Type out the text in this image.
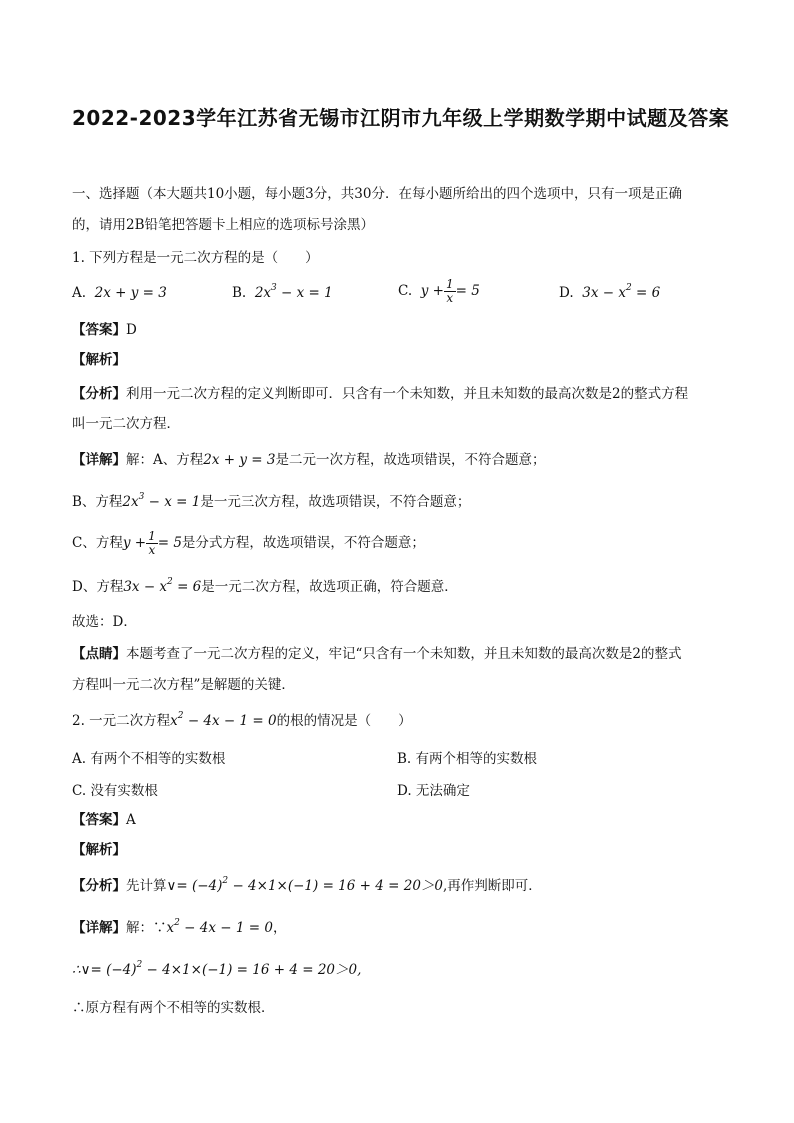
2022-2023学年江苏省无锡市江阴市九年级上学期数学期中试题及答案
一、选择题（本大题共10小题，每小题3分，共30分．在每小题所给出的四个选项中，只有一项是正确
的，请用2B铅笔把答题卡上相应的选项标号涂黑）
1. 下列方程是一元二次方程的是（　　）
A. 2x + y = 3	B. $2x^3 - x = 1$	C. $y + \frac{1}{x} = 5$	D. $3x - x^2 = 6$
【答案】D
【解析】
【分析】利用一元二次方程的定义判断即可．只含有一个未知数，并且未知数的最高次数是2的整式方程
叫一元二次方程．
【详解】解：A、方程2x + y = 3是二元一次方程，故选项错误，不符合题意；
B、方程$2x^3 - x = 1$是一元三次方程，故选项错误，不符合题意；
C、方程$y + \frac{1}{x} = 5$是分式方程，故选项错误，不符合题意；
D、方程$3x - x^2 = 6$是一元二次方程，故选项正确，符合题意．
故选：D．
【点睛】本题考查了一元二次方程的定义，牢记“只含有一个未知数，并且未知数的最高次数是2的整式
方程叫一元二次方程”是解题的关键．
2. 一元二次方程$x^2 - 4x - 1 = 0$的根的情况是（　　）
A. 有两个不相等的实数根	B. 有两个相等的实数根
C. 没有实数根	D. 无法确定
【答案】A
【解析】
【分析】先计算∨= $(-4)^2 - 4\times 1\times(-1) = 16 + 4 = 20>0$,再作判断即可．
【详解】解：$\because x^2 - 4x - 1 = 0$，
∴∨= $(-4)^2 - 4\times 1\times(-1) = 16 + 4 = 20>0$,
∴原方程有两个不相等的实数根．
